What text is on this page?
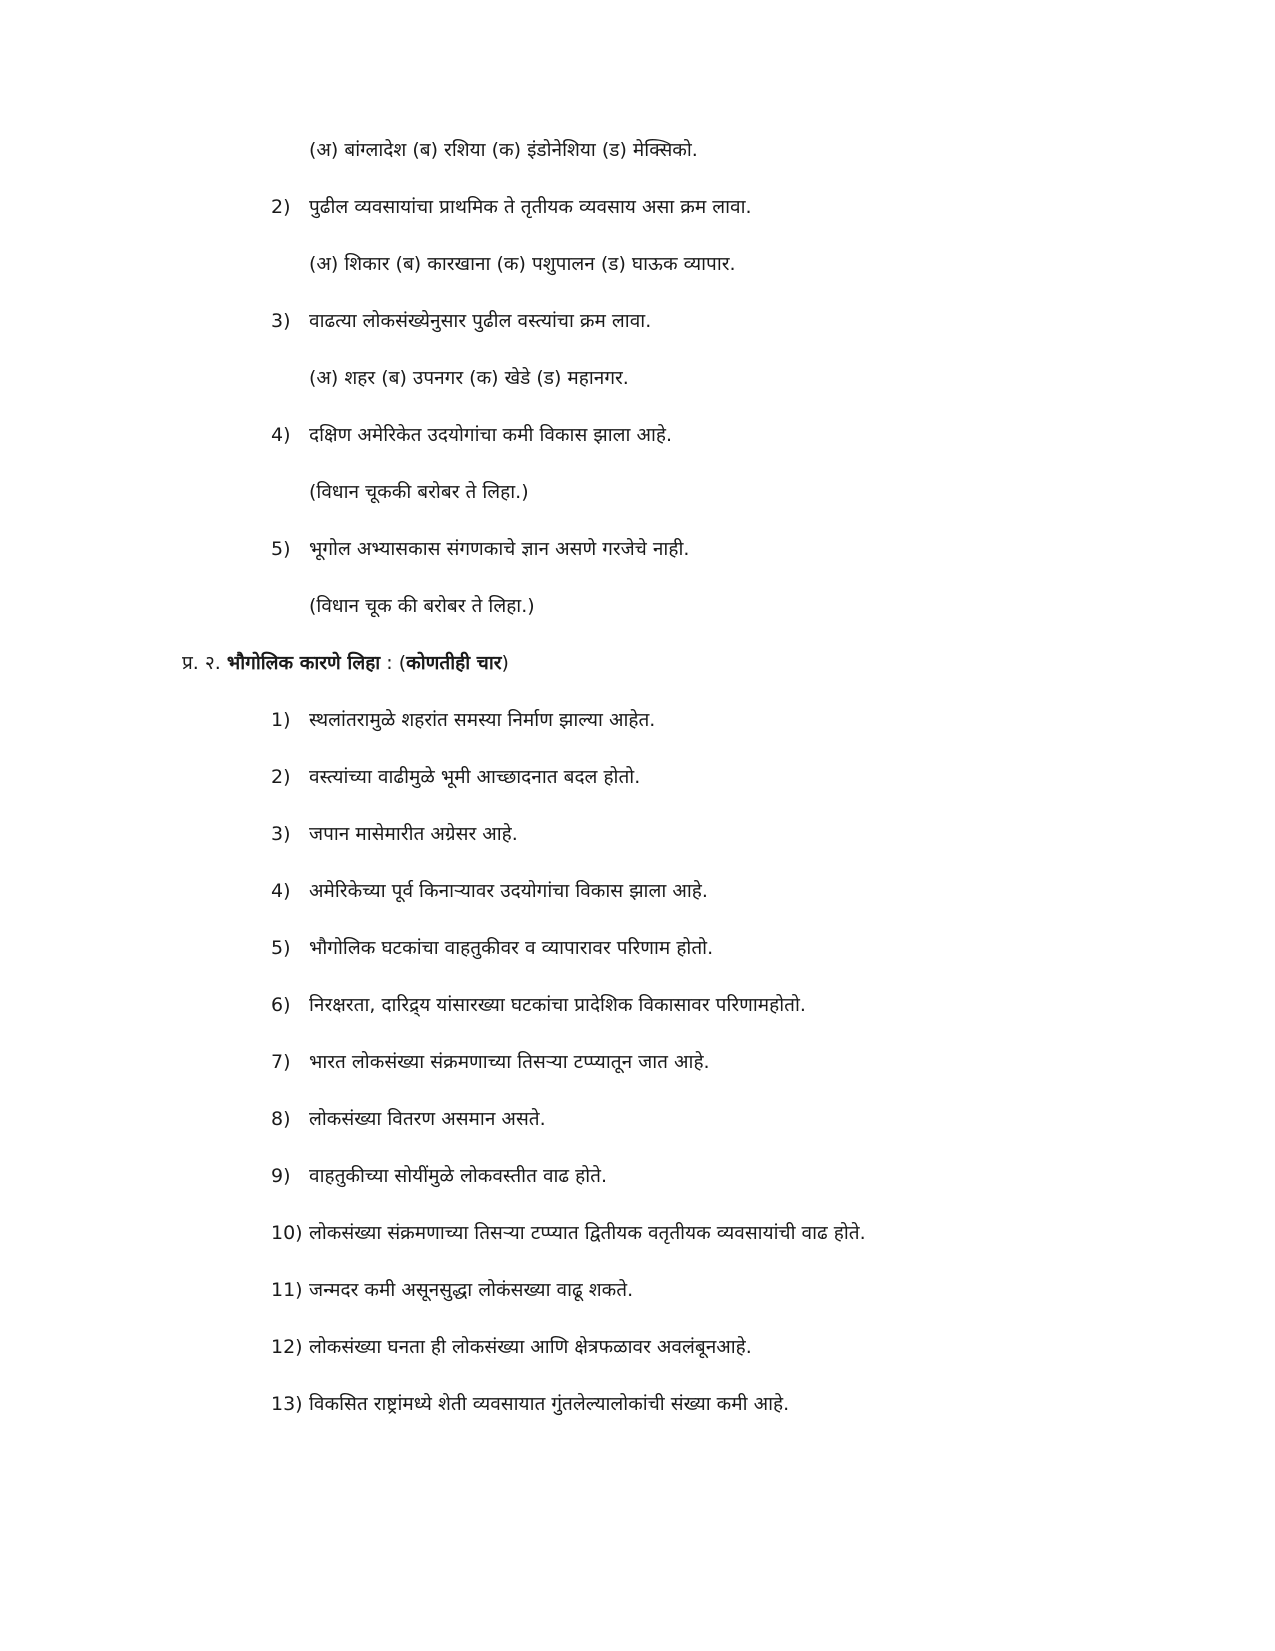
(अ) बांग्लादेश (ब) रशिया (क) इंडोनेशिया (ड) मेक्सिको.
2) पुढील व्यवसायांचा प्राथमिक ते तृतीयक व्यवसाय असा क्रम लावा.
(अ) शिकार (ब) कारखाना (क) पशुपालन (ड) घाऊक व्यापार.
3) वाढत्या लोकसंख्येनुसार पुढील वस्त्यांचा क्रम लावा.
(अ) शहर (ब) उपनगर (क) खेडे (ड) महानगर.
4) दक्षिण अमेरिकेत उदयोगांचा कमी विकास झाला आहे.
(विधान चूककी बरोबर ते लिहा.)
5) भूगोल अभ्यासकास संगणकाचे ज्ञान असणे गरजेचे नाही.
(विधान चूक की बरोबर ते लिहा.)
प्र. २. भौगोलिक कारणे लिहा : (कोणतीही चार)
1) स्थलांतरामुळे शहरांत समस्या निर्माण झाल्या आहेत.
2) वस्त्यांच्या वाढीमुळे भूमी आच्छादनात बदल होतो.
3) जपान मासेमारीत अग्रेसर आहे.
4) अमेरिकेच्या पूर्व किनाऱ्यावर उदयोगांचा विकास झाला आहे.
5) भौगोलिक घटकांचा वाहतुकीवर व व्यापारावर परिणाम होतो.
6) निरक्षरता, दारिद्र्य यांसारख्या घटकांचा प्रादेशिक विकासावर परिणामहोतो.
7) भारत लोकसंख्या संक्रमणाच्या तिसऱ्या टप्प्यातून जात आहे.
8) लोकसंख्या वितरण असमान असते.
9) वाहतुकीच्या सोयींमुळे लोकवस्तीत वाढ होते.
10) लोकसंख्या संक्रमणाच्या तिसऱ्या टप्प्यात द्वितीयक वतृतीयक व्यवसायांची वाढ होते.
11) जन्मदर कमी असूनसुद्धा लोकंसख्या वाढू शकते.
12) लोकसंख्या घनता ही लोकसंख्या आणि क्षेत्रफळावर अवलंबूनआहे.
13) विकसित राष्ट्रांमध्ये शेती व्यवसायात गुंतलेल्यालोकांची संख्या कमी आहे.
